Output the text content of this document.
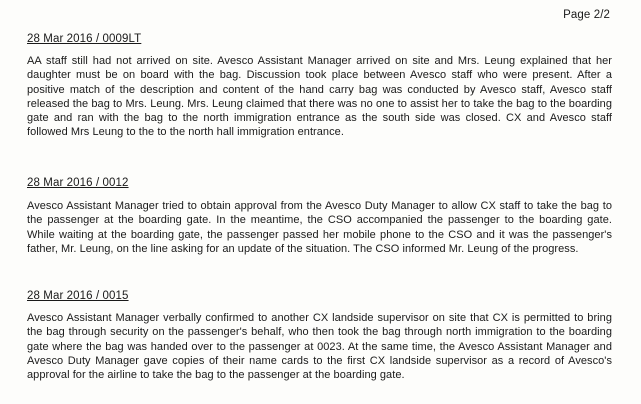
Page 2/2
28 Mar 2016 / 0009LT

AA staff still had not arrived on site. Avesco Assistant Manager arrived on site and Mrs. Leung explained that her daughter must be on board with the bag. Discussion took place between Avesco staff who were present. After a positive match of the description and content of the hand carry bag was conducted by Avesco staff, Avesco staff released the bag to Mrs. Leung. Mrs. Leung claimed that there was no one to assist her to take the bag to the boarding gate and ran with the bag to the north immigration entrance as the south side was closed. CX and Avesco staff followed Mrs Leung to the to the north hall immigration entrance.

28 Mar 2016 / 0012

Avesco Assistant Manager tried to obtain approval from the Avesco Duty Manager to allow CX staff to take the bag to the passenger at the boarding gate. In the meantime, the CSO accompanied the passenger to the boarding gate. While waiting at the boarding gate, the passenger passed her mobile phone to the CSO and it was the passenger's father, Mr. Leung, on the line asking for an update of the situation. The CSO informed Mr. Leung of the progress.

28 Mar 2016 / 0015

Avesco Assistant Manager verbally confirmed to another CX landside supervisor on site that CX is permitted to bring the bag through security on the passenger's behalf, who then took the bag through north immigration to the boarding gate where the bag was handed over to the passenger at 0023. At the same time, the Avesco Assistant Manager and Avesco Duty Manager gave copies of their name cards to the first CX landside supervisor as a record of Avesco's approval for the airline to take the bag to the passenger at the boarding gate.
